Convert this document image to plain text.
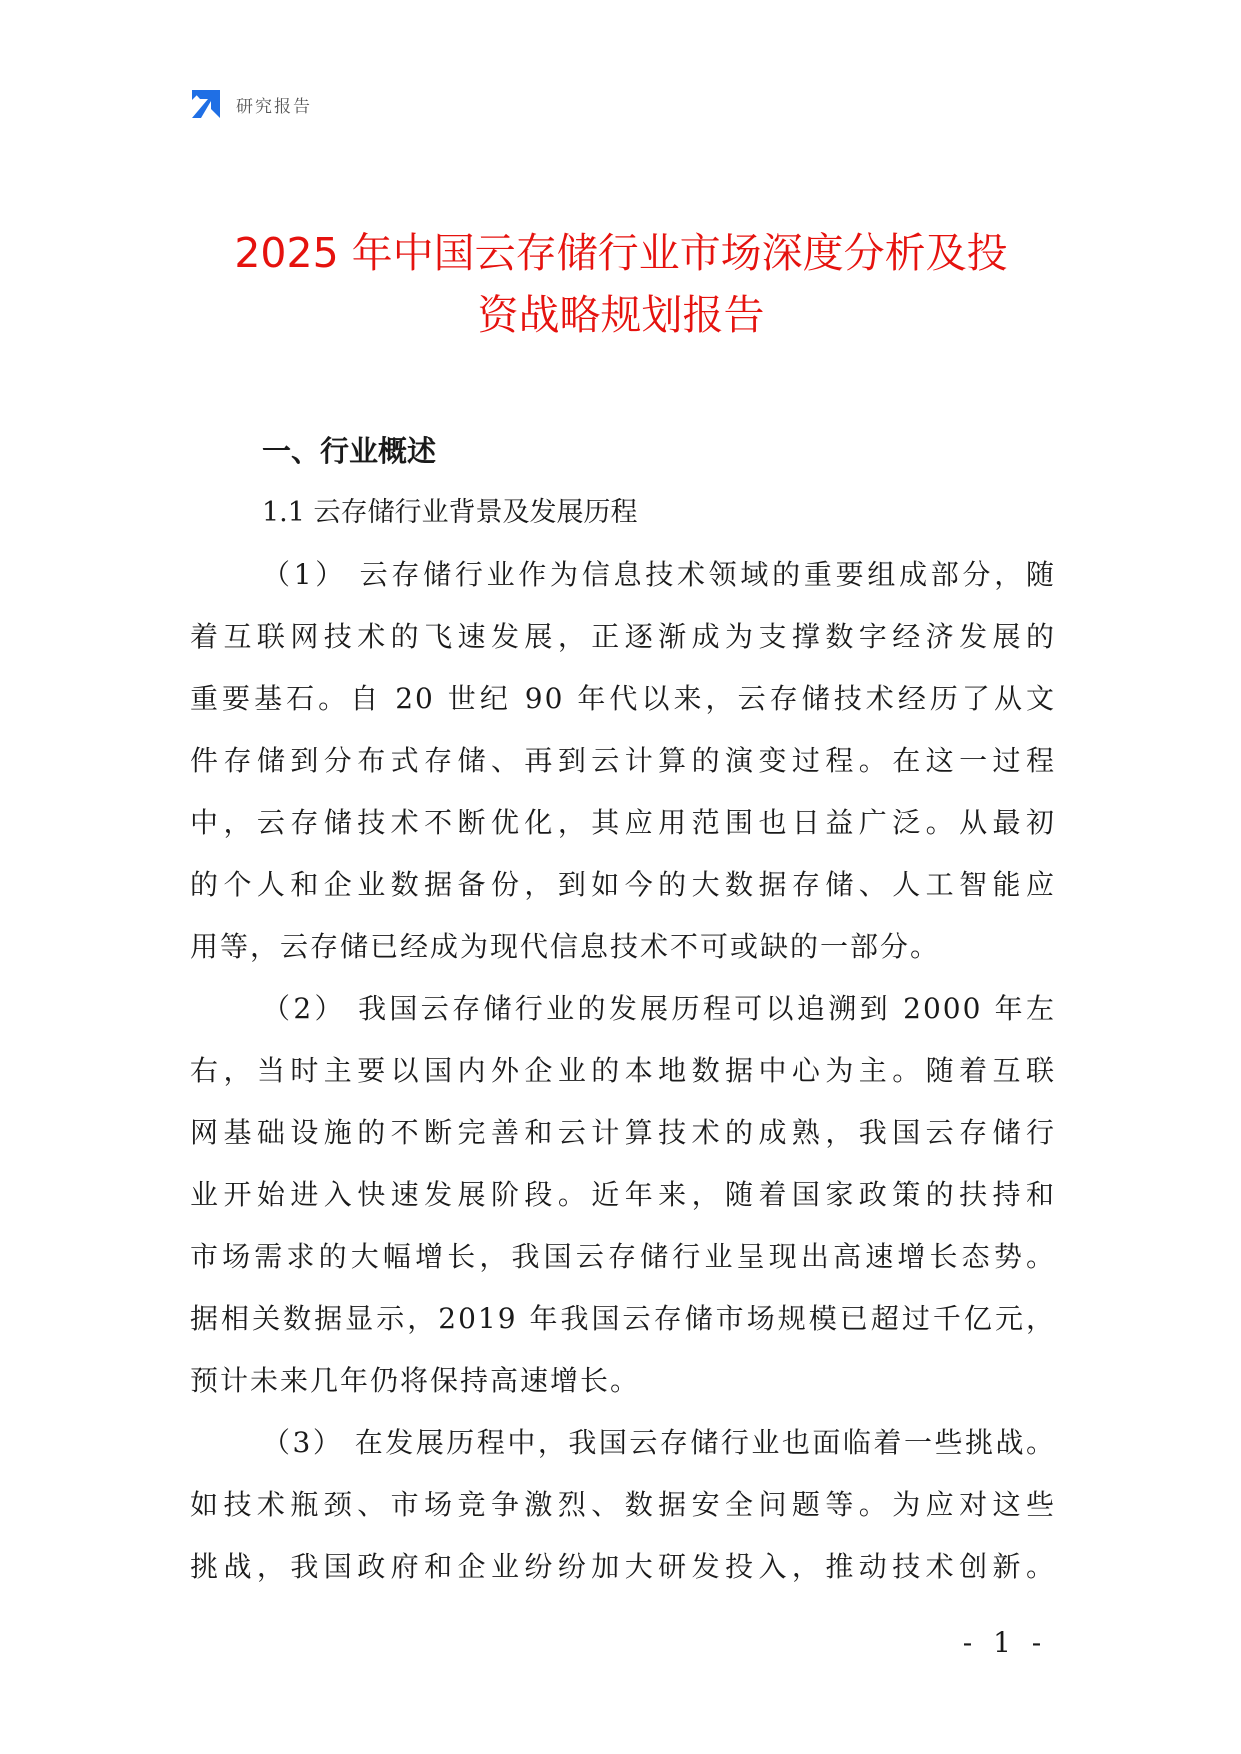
研究报告
2025 年中国云存储行业市场深度分析及投
资战略规划报告
一、行业概述
1.1 云存储行业背景及发展历程

（1） 云存储行业作为信息技术领域的重要组成部分，随
着互联网技术的飞速发展，正逐渐成为支撑数字经济发展的
重要基石。自 20 世纪 90 年代以来，云存储技术经历了从文
件存储到分布式存储、再到云计算的演变过程。在这一过程
中，云存储技术不断优化，其应用范围也日益广泛。从最初
的个人和企业数据备份，到如今的大数据存储、人工智能应
用等，云存储已经成为现代信息技术不可或缺的一部分。

（2） 我国云存储行业的发展历程可以追溯到 2000 年左
右，当时主要以国内外企业的本地数据中心为主。随着互联
网基础设施的不断完善和云计算技术的成熟，我国云存储行
业开始进入快速发展阶段。近年来，随着国家政策的扶持和
市场需求的大幅增长，我国云存储行业呈现出高速增长态势。
据相关数据显示，2019 年我国云存储市场规模已超过千亿元，
预计未来几年仍将保持高速增长。

（3） 在发展历程中，我国云存储行业也面临着一些挑战。
如技术瓶颈、市场竞争激烈、数据安全问题等。为应对这些
挑战，我国政府和企业纷纷加大研发投入，推动技术创新。

- 1 -
